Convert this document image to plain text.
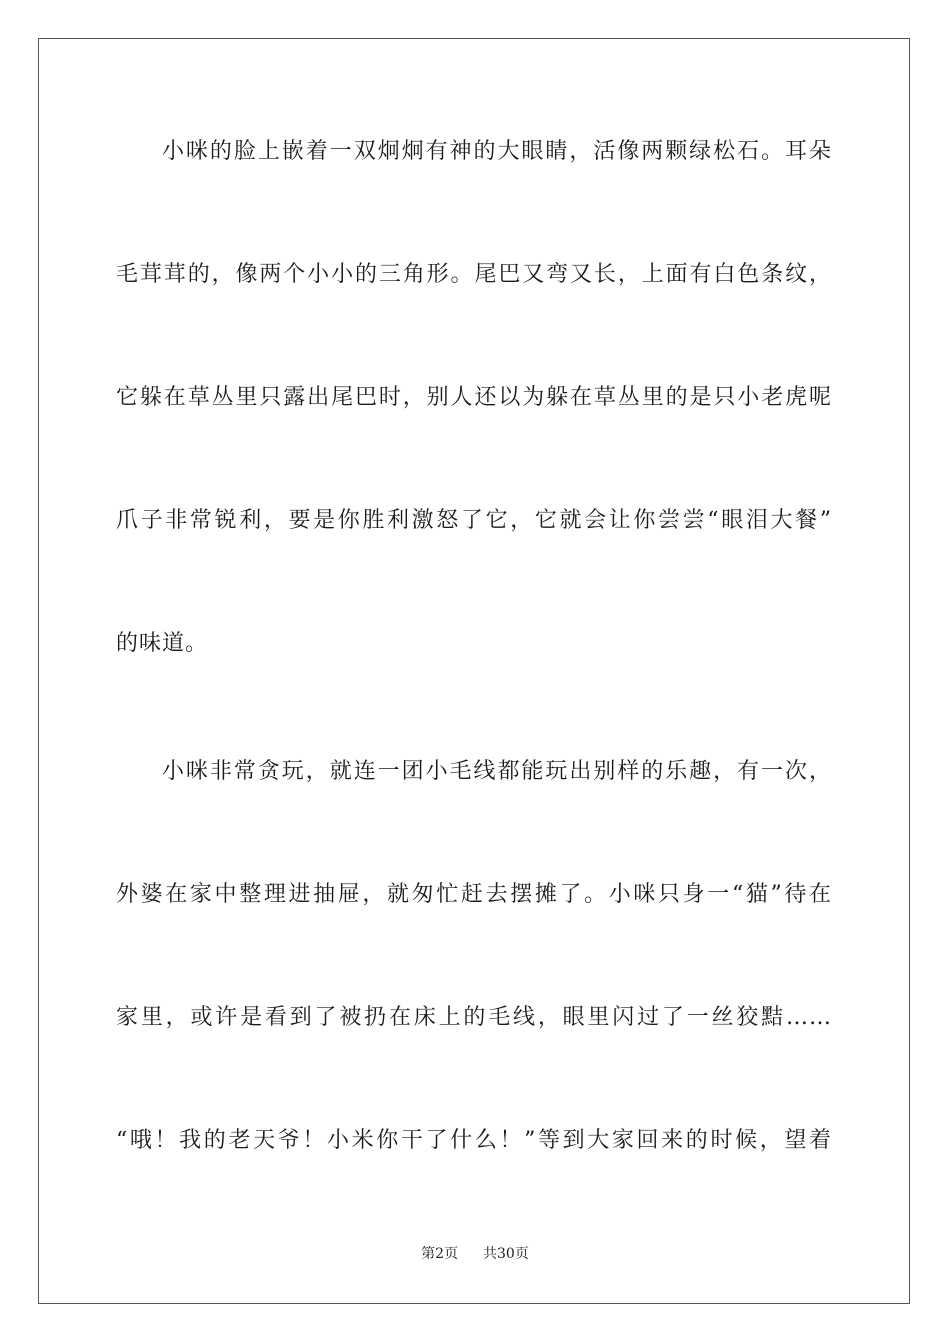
小咪的脸上嵌着一双炯炯有神的大眼睛，活像两颗绿松石。耳朵
毛茸茸的，像两个小小的三角形。尾巴又弯又长，上面有白色条纹，
它躲在草丛里只露出尾巴时，别人还以为躲在草丛里的是只小老虎呢
爪子非常锐利，要是你胜利激怒了它，它就会让你尝尝“眼泪大餐”
的味道。
小咪非常贪玩，就连一团小毛线都能玩出别样的乐趣，有一次，
外婆在家中整理进抽屉，就匆忙赶去摆摊了。小咪只身一“猫”待在
家里，或许是看到了被扔在床上的毛线，眼里闪过了一丝狡黠……
“哦！我的老天爷！小米你干了什么！”等到大家回来的时候，望着
第2页 共30页
